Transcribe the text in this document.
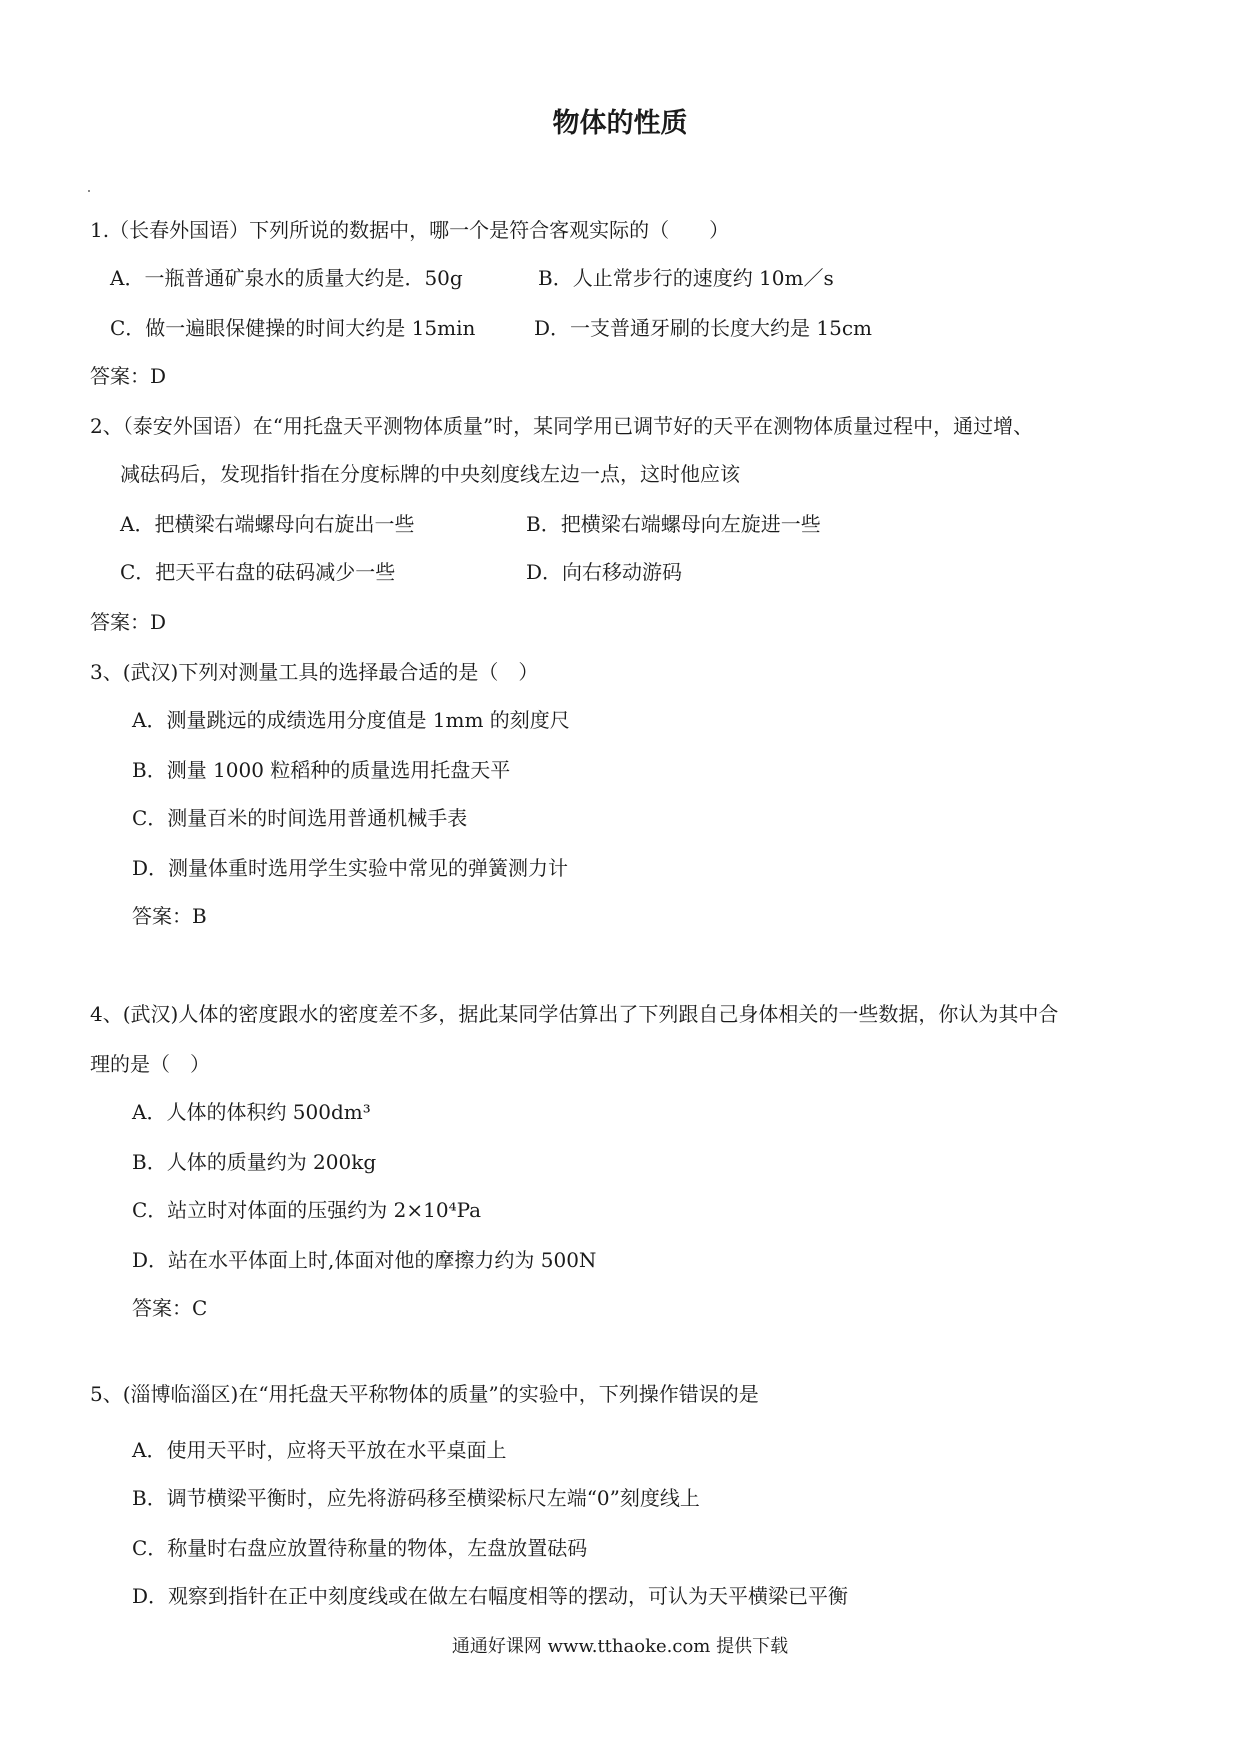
物体的性质
1.（长春外国语）下列所说的数据中，哪一个是符合客观实际的（　　）
A．一瓶普通矿泉水的质量大约是．50g	B．人止常步行的速度约 10m／s
C．做一遍眼保健操的时间大约是 15min	D．一支普通牙刷的长度大约是 15cm
答案：D
2、（泰安外国语）在“用托盘天平测物体质量”时，某同学用已调节好的天平在测物体质量过程中，通过增、
减砝码后，发现指针指在分度标牌的中央刻度线左边一点，这时他应该
A．把横梁右端螺母向右旋出一些	B．把横梁右端螺母向左旋进一些
C．把天平右盘的砝码减少一些	D．向右移动游码
答案：D
3、(武汉)下列对测量工具的选择最合适的是（　）
A．测量跳远的成绩选用分度值是 1mm 的刻度尺
B．测量 1000 粒稻种的质量选用托盘天平
C．测量百米的时间选用普通机械手表
D．测量体重时选用学生实验中常见的弹簧测力计
答案：B
4、(武汉)人体的密度跟水的密度差不多，据此某同学估算出了下列跟自己身体相关的一些数据，你认为其中合
理的是（　）
A．人体的体积约 500dm³
B．人体的质量约为 200kg
C．站立时对体面的压强约为 2×10⁴Pa
D．站在水平体面上时,体面对他的摩擦力约为 500N
答案：C
5、(淄博临淄区)在“用托盘天平称物体的质量”的实验中，下列操作错误的是
A．使用天平时，应将天平放在水平桌面上
B．调节横梁平衡时，应先将游码移至横梁标尺左端“0”刻度线上
C．称量时右盘应放置待称量的物体，左盘放置砝码
D．观察到指针在正中刻度线或在做左右幅度相等的摆动，可认为天平横梁已平衡
通通好课网 www.tthaoke.com 提供下载
